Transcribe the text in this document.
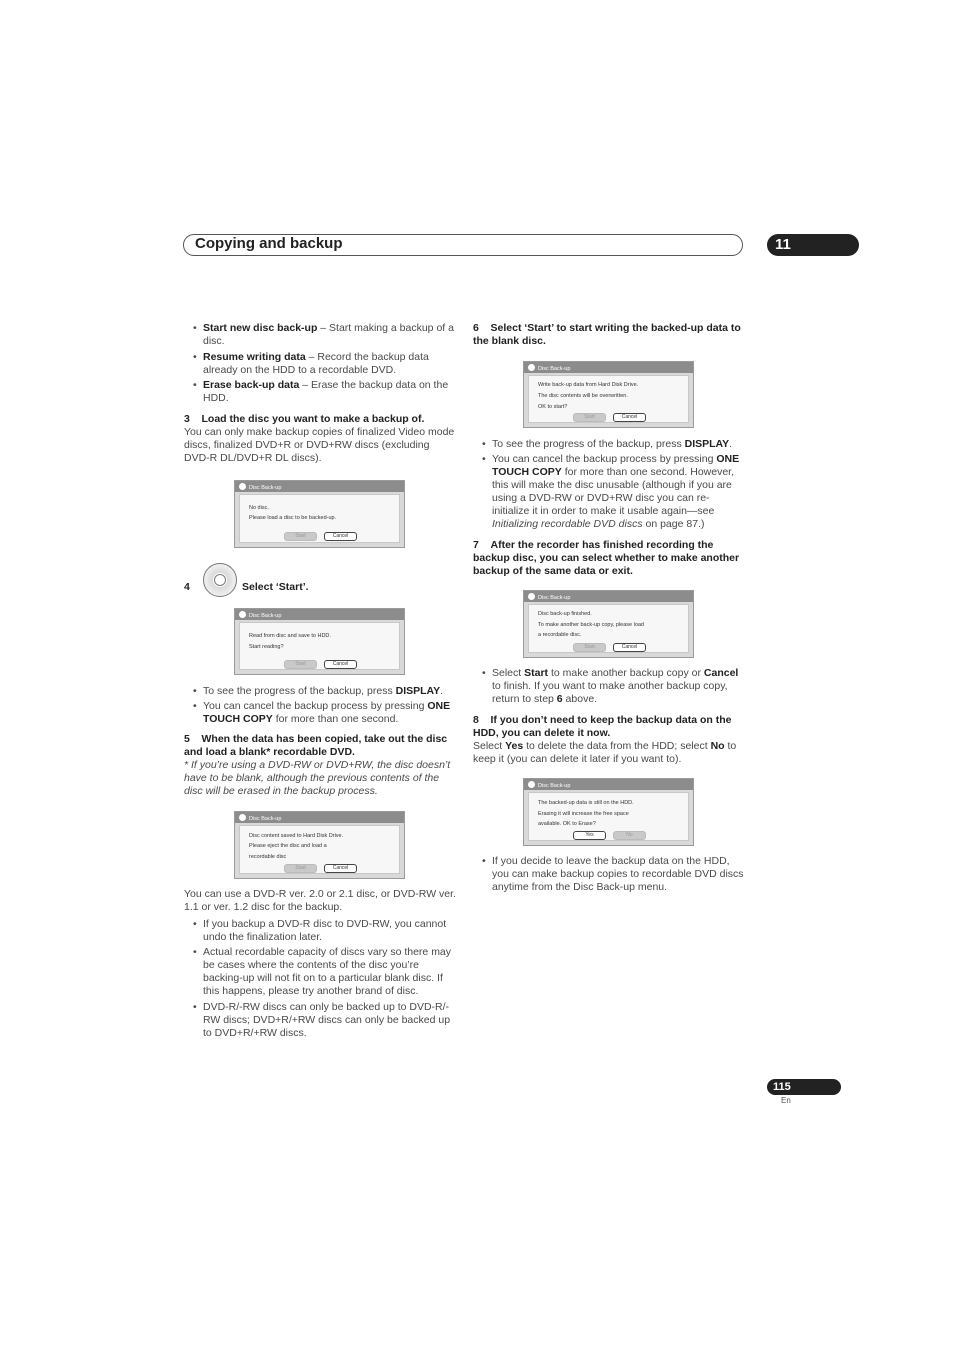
Copying and backup	11
• Start new disc back-up – Start making a backup of a disc.
• Resume writing data – Record the backup data already on the HDD to a recordable DVD.
• Erase back-up data – Erase the backup data on the HDD.
3 Load the disc you want to make a backup of.
You can only make backup copies of finalized Video mode discs, finalized DVD+R or DVD+RW discs (excluding DVD-R DL/DVD+R DL discs).
Disc Back-up
No disc.
Please load a disc to be backed-up.
Start	Cancel
4	Select ‘Start’.
Disc Back-up
Read from disc and save to HDD.
Start reading?
Start	Cancel
• To see the progress of the backup, press DISPLAY.
• You can cancel the backup process by pressing ONE TOUCH COPY for more than one second.
5 When the data has been copied, take out the disc and load a blank* recordable DVD.
* If you’re using a DVD-RW or DVD+RW, the disc doesn’t have to be blank, although the previous contents of the disc will be erased in the backup process.
Disc Back-up
Disc content saved to Hard Disk Drive.
Please eject the disc and load a
recordable disc
Start	Cancel
You can use a DVD-R ver. 2.0 or 2.1 disc, or DVD-RW ver. 1.1 or ver. 1.2 disc for the backup.
• If you backup a DVD-R disc to DVD-RW, you cannot undo the finalization later.
• Actual recordable capacity of discs vary so there may be cases where the contents of the disc you’re backing-up will not fit on to a particular blank disc. If this happens, please try another brand of disc.
• DVD-R/-RW discs can only be backed up to DVD-R/-RW discs; DVD+R/+RW discs can only be backed up to DVD+R/+RW discs.
6 Select ‘Start’ to start writing the backed-up data to the blank disc.
Disc Back-up
Write back-up data from Hard Disk Drive.
The disc contents will be overwritten.
OK to start?
Start	Cancel
• To see the progress of the backup, press DISPLAY.
• You can cancel the backup process by pressing ONE TOUCH COPY for more than one second. However, this will make the disc unusable (although if you are using a DVD-RW or DVD+RW disc you can re-initialize it in order to make it usable again—see Initializing recordable DVD discs on page 87.)
7 After the recorder has finished recording the backup disc, you can select whether to make another backup of the same data or exit.
Disc Back-up
Disc back-up finished.
To make another back-up copy, please load
a recordable disc.
Start	Cancel
• Select Start to make another backup copy or Cancel to finish. If you want to make another backup copy, return to step 6 above.
8 If you don’t need to keep the backup data on the HDD, you can delete it now.
Select Yes to delete the data from the HDD; select No to keep it (you can delete it later if you want to).
Disc Back-up
The backed-up data is still on the HDD.
Erasing it will increase the free space
available. OK to Erase?
Yes	No
• If you decide to leave the backup data on the HDD, you can make backup copies to recordable DVD discs anytime from the Disc Back-up menu.
115
En
